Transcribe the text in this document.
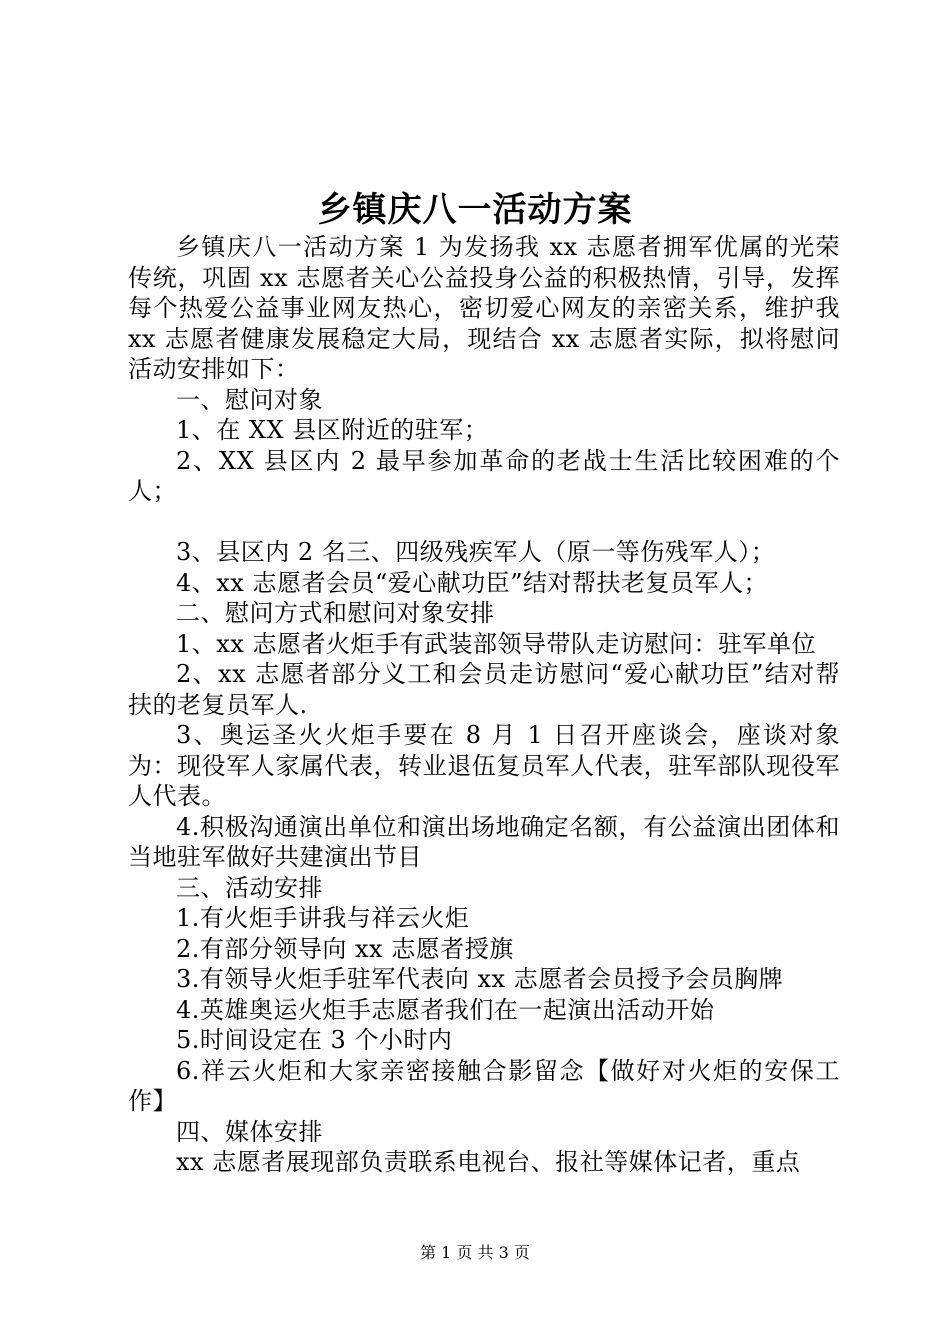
乡镇庆八一活动方案

乡镇庆八一活动方案 1 为发扬我 xx 志愿者拥军优属的光荣传统，巩固 xx 志愿者关心公益投身公益的积极热情，引导，发挥每个热爱公益事业网友热心，密切爱心网友的亲密关系，维护我 xx 志愿者健康发展稳定大局，现结合 xx 志愿者实际，拟将慰问活动安排如下：

一、慰问对象

1、在 XX 县区附近的驻军；

2、XX 县区内 2 最早参加革命的老战士生活比较困难的个人；

3、县区内 2 名三、四级残疾军人（原一等伤残军人）；

4、xx 志愿者会员“爱心献功臣”结对帮扶老复员军人；

二、慰问方式和慰问对象安排

1、xx 志愿者火炬手有武装部领导带队走访慰问：驻军单位

2、xx 志愿者部分义工和会员走访慰问“爱心献功臣”结对帮扶的老复员军人.

3、奥运圣火火炬手要在 8 月 1 日召开座谈会，座谈对象为：现役军人家属代表，转业退伍复员军人代表，驻军部队现役军人代表。

4.积极沟通演出单位和演出场地确定名额，有公益演出团体和当地驻军做好共建演出节目

三、活动安排

1.有火炬手讲我与祥云火炬

2.有部分领导向 xx 志愿者授旗

3.有领导火炬手驻军代表向 xx 志愿者会员授予会员胸牌

4.英雄奥运火炬手志愿者我们在一起演出活动开始

5.时间设定在 3 个小时内

6.祥云火炬和大家亲密接触合影留念【做好对火炬的安保工作】

四、媒体安排

xx 志愿者展现部负责联系电视台、报社等媒体记者，重点

第 1 页 共 3 页
